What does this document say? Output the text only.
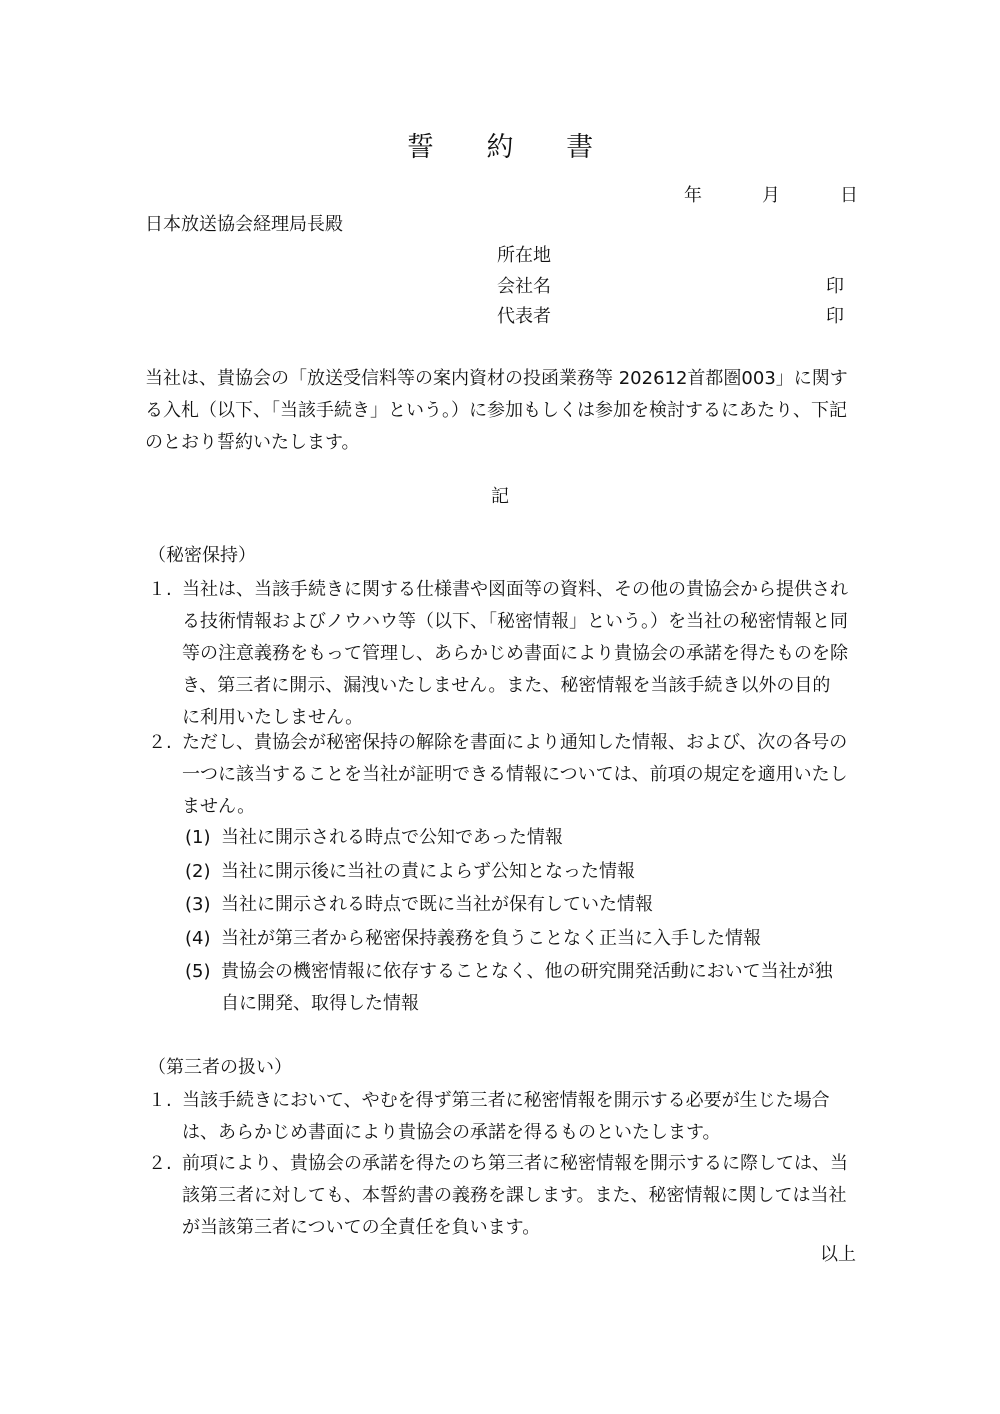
誓 約 書
年	月	日
日本放送協会経理局長殿
所在地
会社名	印
代表者	印
当社は、貴協会の「放送受信料等の案内資材の投函業務等 202612首都圏003」に関する入札（以下、「当該手続き」という。）に参加もしくは参加を検討するにあたり、下記のとおり誓約いたします。
記
（秘密保持）
１. 当社は、当該手続きに関する仕様書や図面等の資料、その他の貴協会から提供される技術情報およびノウハウ等（以下、「秘密情報」という。）を当社の秘密情報と同等の注意義務をもって管理し、あらかじめ書面により貴協会の承諾を得たものを除き、第三者に開示、漏洩いたしません。また、秘密情報を当該手続き以外の目的に利用いたしません。
２. ただし、貴協会が秘密保持の解除を書面により通知した情報、および、次の各号の一つに該当することを当社が証明できる情報については、前項の規定を適用いたしません。
(1) 当社に開示される時点で公知であった情報
(2) 当社に開示後に当社の責によらず公知となった情報
(3) 当社に開示される時点で既に当社が保有していた情報
(4) 当社が第三者から秘密保持義務を負うことなく正当に入手した情報
(5) 貴協会の機密情報に依存することなく、他の研究開発活動において当社が独自に開発、取得した情報
（第三者の扱い）
１. 当該手続きにおいて、やむを得ず第三者に秘密情報を開示する必要が生じた場合は、あらかじめ書面により貴協会の承諾を得るものといたします。
２. 前項により、貴協会の承諾を得たのち第三者に秘密情報を開示するに際しては、当該第三者に対しても、本誓約書の義務を課します。また、秘密情報に関しては当社が当該第三者についての全責任を負います。
以上
